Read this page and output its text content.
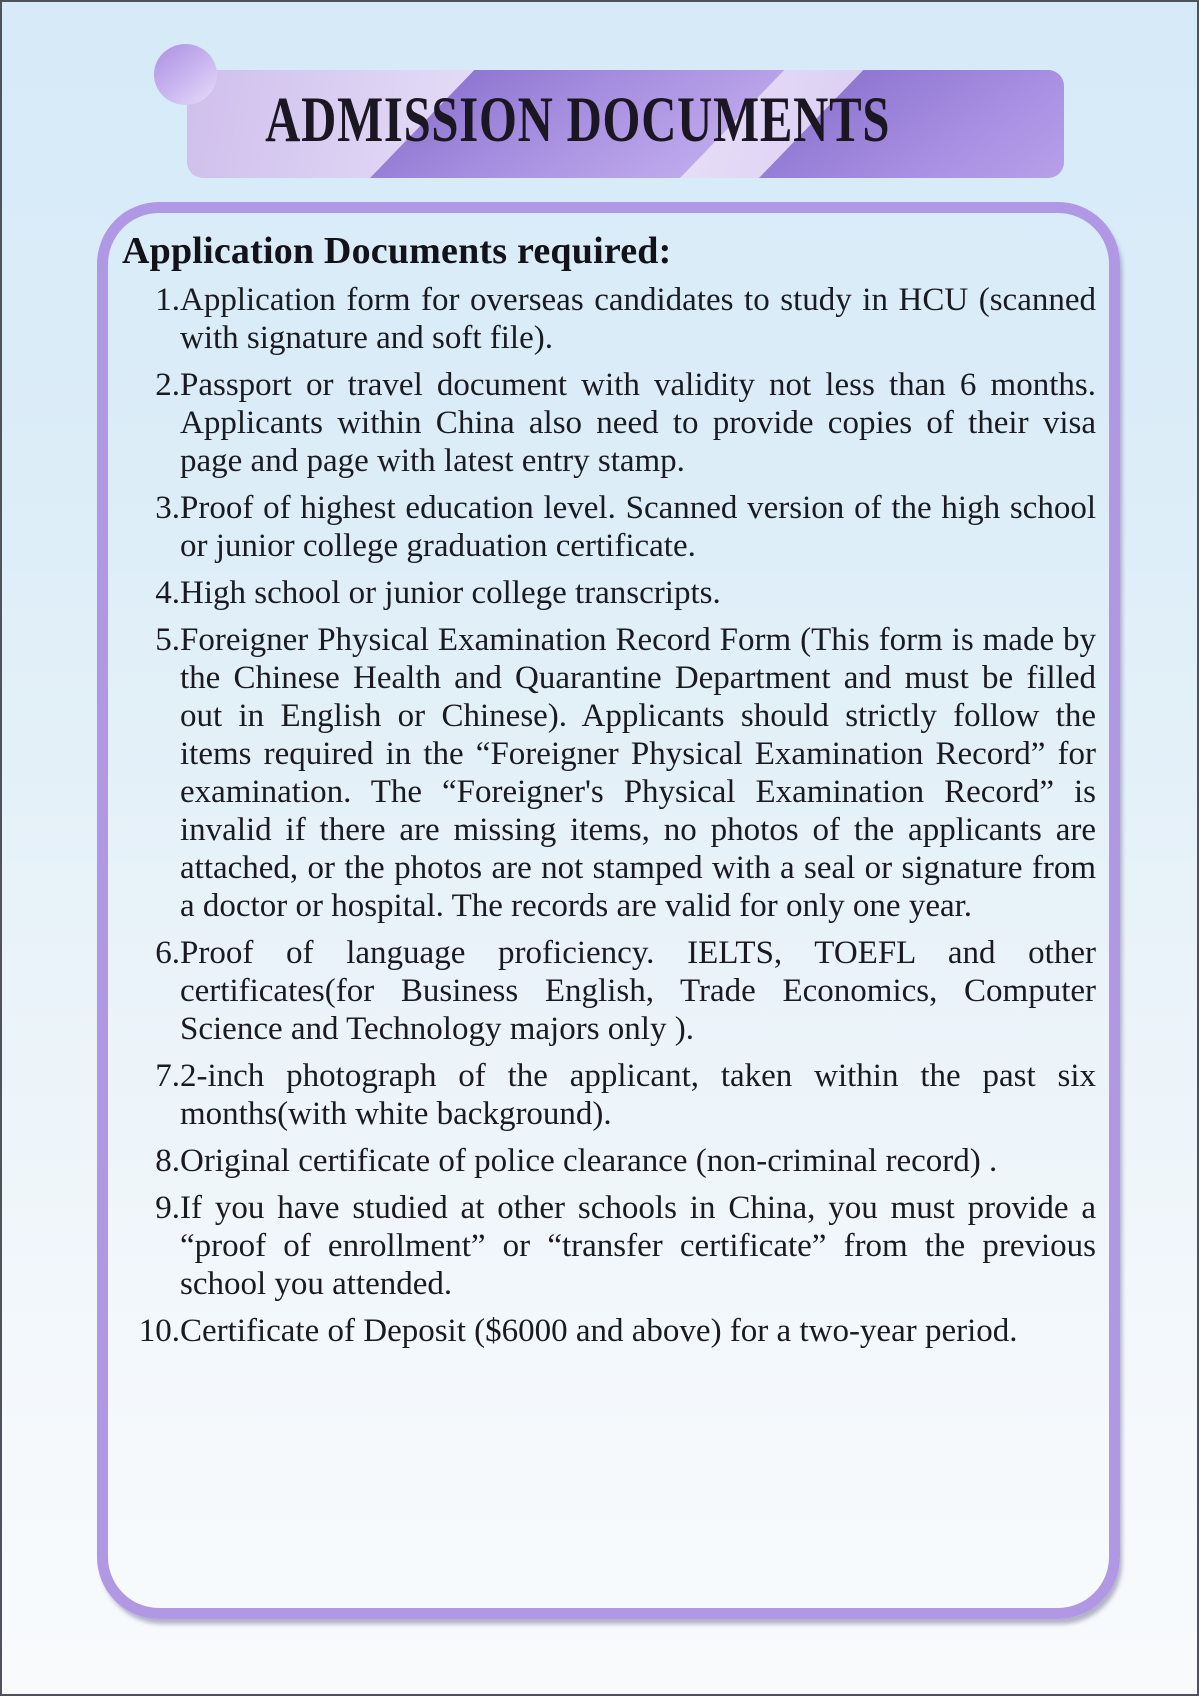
ADMISSION DOCUMENTS
Application Documents required:
1.Application form for overseas candidates to study in HCU (scanned with signature and soft file).
2.Passport or travel document with validity not less than 6 months. Applicants within China also need to provide copies of their visa page and page with latest entry stamp.
3.Proof of highest education level. Scanned version of the high school or junior college graduation certificate.
4.High school or junior college transcripts.
5.Foreigner Physical Examination Record Form (This form is made by the Chinese Health and Quarantine Department and must be filled out in English or Chinese). Applicants should strictly follow the items required in the “Foreigner Physical Examination Record” for examination. The “Foreigner's Physical Examination Record” is invalid if there are missing items, no photos of the applicants are attached, or the photos are not stamped with a seal or signature from a doctor or hospital. The records are valid for only one year.
6.Proof of language proficiency. IELTS, TOEFL and other certificates(for Business English, Trade Economics, Computer Science and Technology majors only ).
7.2-inch photograph of the applicant, taken within the past six months(with white background).
8.Original certificate of police clearance (non-criminal record) .
9.If you have studied at other schools in China, you must provide a “proof of enrollment” or “transfer certificate” from the previous school you attended.
10.Certificate of Deposit ($6000 and above) for a two-year period.
